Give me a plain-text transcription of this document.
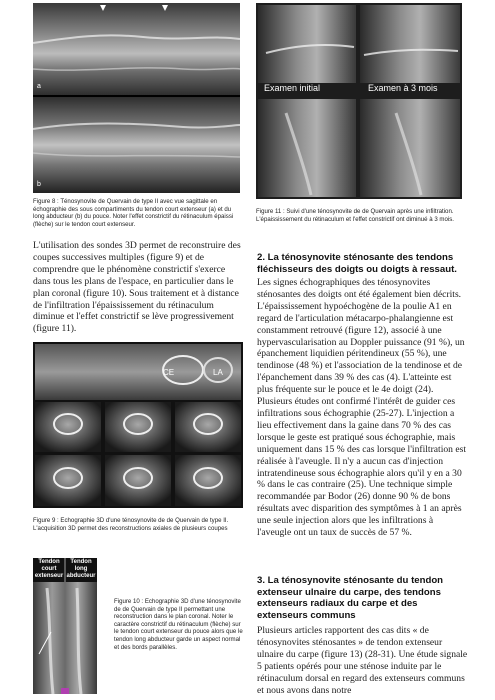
a
b
Figure 8 : Ténosynovite de Quervain de type II avec vue sagittale en échographie des sous compartiments du tendon court extenseur (a) et du long abducteur (b) du pouce. Noter l'effet constrictif du rétinaculum épaissi (flèche) sur le tendon court extenseur.
Examen initial	Examen à 3 mois
Figure 11 : Suivi d'une ténosynovite de de Quervain après une infiltration. L'épaississement du rétinaculum et l'effet constrictif ont diminué à 3 mois.
L'utilisation des sondes 3D permet de reconstruire des coupes successives multiples (figure 9) et de comprendre que le phénomène constrictif s'exerce dans tous les plans de l'espace, en particulier dans le plan coronal (figure 10). Sous traitement et à distance de l'infiltration l'épaississement du rétinaculum diminue et l'effet constrictif se lève progressivement (figure 11).
CE	LA
Figure 9 : Echographie 3D d'une ténosynovite de de Quervain de type II. L'acquisition 3D permet des reconstructions axiales de plusieurs coupes
Tendon court extenseur
Tendon long abducteur
Figure 10 : Echographie 3D d'une ténosynovite de de Quervain de type II permettant une reconstruction dans le plan coronal. Noter le caractère constrictif du rétinaculum (flèche) sur le tendon court extenseur du pouce alors que le tendon long abducteur garde un aspect normal et des bords parallèles.
2. La ténosynovite sténosante des tendons fléchisseurs des doigts ou doigts à ressaut.
Les signes échographiques des ténosynovites sténosantes des doigts ont été également bien décrits. L'épaississement hypoéchogène de la poulie A1 en regard de l'articulation métacarpo-phalangienne est constamment retrouvé (figure 12), associé à une hypervascularisation au Doppler puissance (91 %), un épanchement liquidien péritendineux (55 %), une tendinose (48 %) et l'association de la tendinose et de l'épanchement dans 39 % des cas (4). L'atteinte est plus fréquente sur le pouce et le 4e doigt (24). Plusieurs études ont confirmé l'intérêt de guider ces infiltrations sous échographie (25-27). L'injection a lieu effectivement dans la gaine dans 70 % des cas lorsque le geste est pratiqué sous échographie, mais uniquement dans 15 % des cas lorsque l'infiltration est réalisée à l'aveugle. Il n'y a aucun cas d'injection intratendineuse sous échographie alors qu'il y en a 30 % dans le cas contraire (25). Une technique simple recommandée par Bodor (26) donne 90 % de bons résultats avec disparition des symptômes à 1 an après une seule injection alors que les infiltrations à l'aveugle ont un taux de succès de 57 %.
3. La ténosynovite sténosante du tendon extenseur ulnaire du carpe, des tendons extenseurs radiaux du carpe et des extenseurs communs
Plusieurs articles rapportent des cas dits « de ténosynovites sténosantes » de tendon extenseur ulnaire du carpe (figure 13) (28-31). Une étude signale 5 patients opérés pour une sténose induite par le rétinaculum dorsal en regard des extenseurs communs et nous avons dans notre
